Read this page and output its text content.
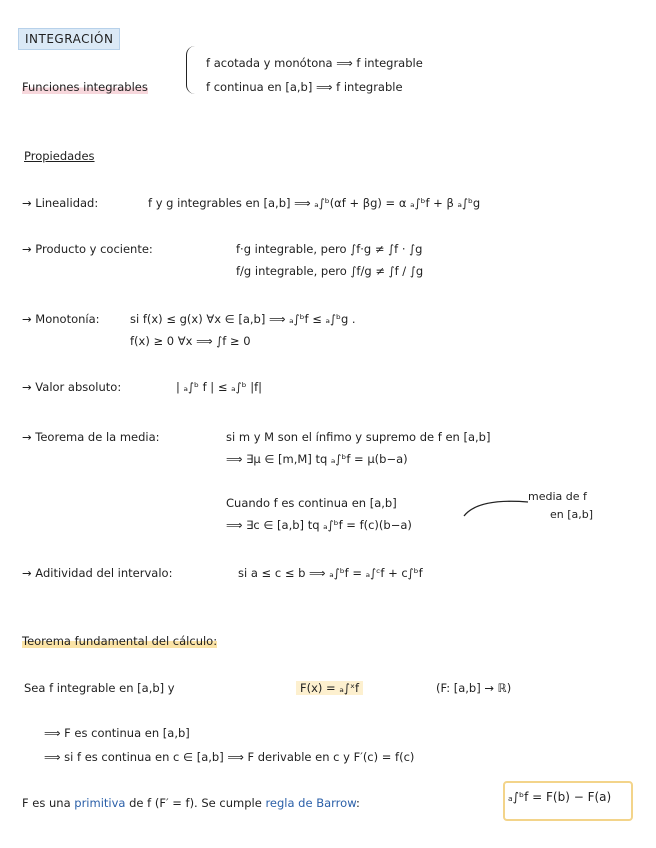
INTEGRACIÓN
Funciones integrables
f acotada y monótona ⟹ f integrable
f continua en [a,b] ⟹ f integrable
Propiedades
→ Linealidad:	f y g integrables en [a,b] ⟹ ₐ∫ᵇ(αf + βg) = α ₐ∫ᵇf + β ₐ∫ᵇg
→ Producto y cociente:	f·g integrable, pero ∫f·g ≠ ∫f · ∫g
f/g integrable, pero ∫f/g ≠ ∫f / ∫g
→ Monotonía:	si f(x) ≤ g(x) ∀x ∈ [a,b] ⟹ ₐ∫ᵇf ≤ ₐ∫ᵇg .
f(x) ≥ 0 ∀x ⟹ ∫f ≥ 0
→ Valor absoluto:	| ₐ∫ᵇ f | ≤ ₐ∫ᵇ |f|
→ Teorema de la media:	si m y M son el ínfimo y supremo de f en [a,b]
⟹ ∃μ ∈ [m,M] tq ₐ∫ᵇf = μ(b−a)
Cuando f es continua en [a,b]
⟹ ∃c ∈ [a,b] tq ₐ∫ᵇf = f(c)(b−a)
media de f
en [a,b]
→ Aditividad del intervalo:	si a ≤ c ≤ b ⟹ ₐ∫ᵇf = ₐ∫ᶜf + c∫ᵇf
Teorema fundamental del cálculo:
Sea f integrable en [a,b] y	F(x) = ₐ∫ˣf	(F: [a,b] → ℝ)
⟹ F es continua en [a,b]
⟹ si f es continua en c ∈ [a,b] ⟹ F derivable en c y F′(c) = f(c)
F es una primitiva de f (F′ = f). Se cumple regla de Barrow:	ₐ∫ᵇf = F(b) − F(a)
